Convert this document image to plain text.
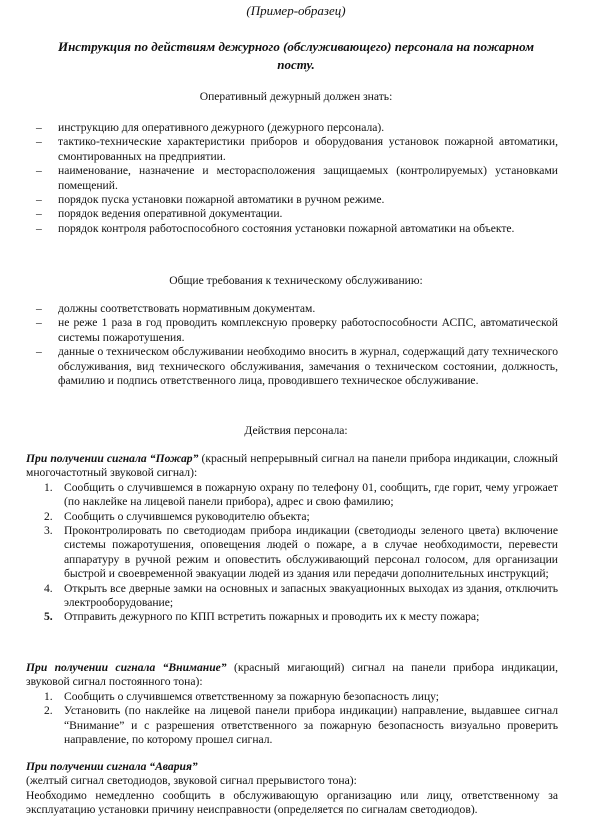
(Пример-образец)
Инструкция по действиям дежурного (обслуживающего) персонала на пожарном посту.
Оперативный дежурный должен знать:
– инструкцию для оперативного дежурного (дежурного персонала).
– тактико-технические характеристики приборов и оборудования установок пожарной автоматики, смонтированных на предприятии.
– наименование, назначение и месторасположения защищаемых (контролируемых) установками помещений.
– порядок пуска установки пожарной автоматики в ручном режиме.
– порядок ведения оперативной документации.
– порядок контроля работоспособного состояния установки пожарной автоматики на объекте.
Общие требования к техническому обслуживанию:
– должны соответствовать нормативным документам.
– не реже 1 раза в год проводить комплексную проверку работоспособности АСПС, автоматической системы пожаротушения.
– данные о техническом обслуживании необходимо вносить в журнал, содержащий дату технического обслуживания, вид технического обслуживания, замечания о техническом состоянии, должность, фамилию и подпись ответственного лица, проводившего техническое обслуживание.
Действия персонала:
При получении сигнала “Пожар” (красный непрерывный сигнал на панели прибора индикации, сложный многочастотный звуковой сигнал):
1. Сообщить о случившемся в пожарную охрану по телефону 01, сообщить, где горит, чему угрожает (по наклейке на лицевой панели прибора), адрес и свою фамилию;
2. Сообщить о случившемся руководителю объекта;
3. Проконтролировать по светодиодам прибора индикации (светодиоды зеленого цвета) включение системы пожаротушения, оповещения людей о пожаре, а в случае необходимости, перевести аппаратуру в ручной режим и оповестить обслуживающий персонал голосом, для организации быстрой и своевременной эвакуации людей из здания или передачи дополнительных инструкций;
4. Открыть все дверные замки на основных и запасных эвакуационных выходах из здания, отключить электрооборудование;
5. Отправить дежурного по КПП встретить пожарных и проводить их к месту пожара;
При получении сигнала “Внимание” (красный мигающий) сигнал на панели прибора индикации, звуковой сигнал постоянного тона):
1. Сообщить о случившемся ответственному за пожарную безопасность лицу;
2. Установить (по наклейке на лицевой панели прибора индикации) направление, выдавшее сигнал “Внимание” и с разрешения ответственного за пожарную безопасность визуально проверить направление, по которому прошел сигнал.
При получении сигнала “Авария”
(желтый сигнал светодиодов, звуковой сигнал прерывистого тона):
Необходимо немедленно сообщить в обслуживающую организацию или лицу, ответственному за эксплуатацию установки причину неисправности (определяется по сигналам светодиодов).
